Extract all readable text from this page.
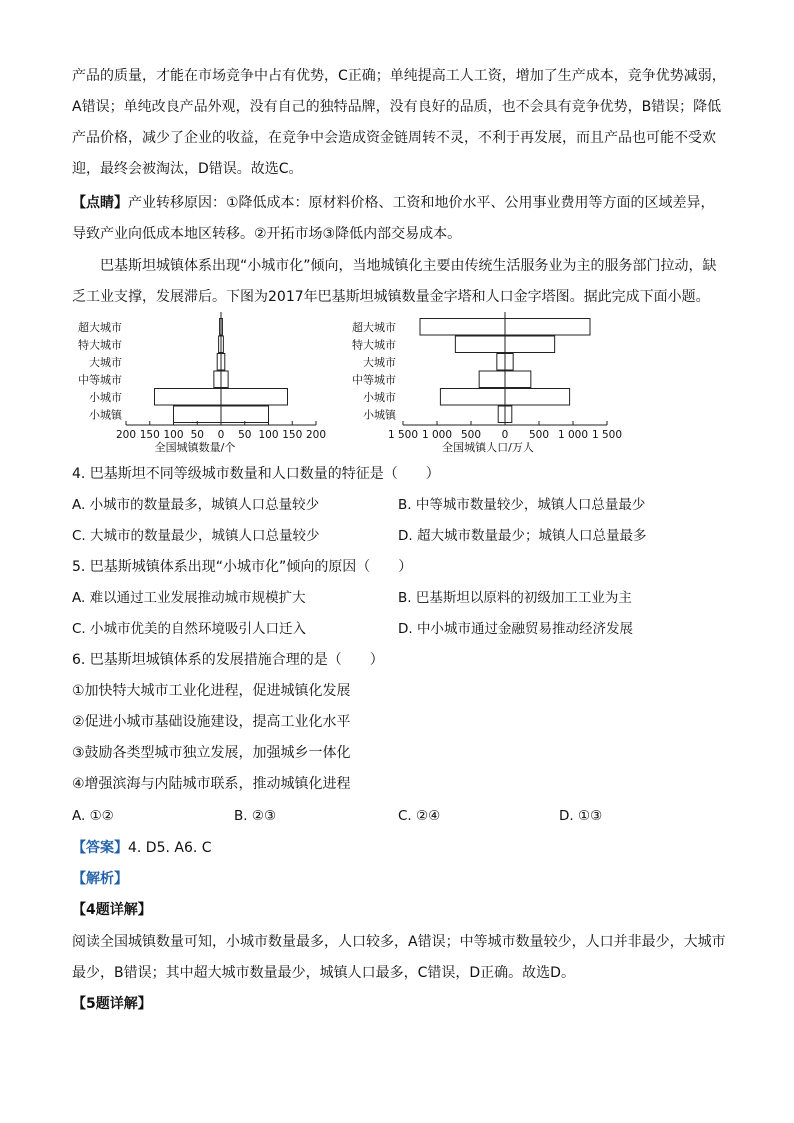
产品的质量，才能在市场竞争中占有优势，C正确；单纯提高工人工资，增加了生产成本，竞争优势减弱，
A错误；单纯改良产品外观，没有自己的独特品牌，没有良好的品质，也不会具有竞争优势，B错误；降低
产品价格，减少了企业的收益，在竞争中会造成资金链周转不灵，不利于再发展，而且产品也可能不受欢
迎，最终会被淘汰，D错误。故选C。
【点睛】产业转移原因：①降低成本：原材料价格、工资和地价水平、公用事业费用等方面的区域差异，
导致产业向低成本地区转移。②开拓市场③降低内部交易成本。
巴基斯坦城镇体系出现“小城市化”倾向，当地城镇化主要由传统生活服务业为主的服务部门拉动，缺
乏工业支撑，发展滞后。下图为2017年巴基斯坦城镇数量金字塔和人口金字塔图。据此完成下面小题。
超大城市
特大城市
大城市
中等城市
小城市
小城镇
200 150 100 50 0 50 100 150 200
全国城镇数量/个
超大城市
特大城市
大城市
中等城市
小城市
小城镇
1 500 1 000 500 0 500 1 000 1 500
全国城镇人口/万人
4. 巴基斯坦不同等级城市数量和人口数量的特征是（　　）
A. 小城市的数量最多，城镇人口总量较少	B. 中等城市数量较少，城镇人口总量最少
C. 大城市的数量最少，城镇人口总量较少	D. 超大城市数量最少；城镇人口总量最多
5. 巴基斯城镇体系出现“小城市化”倾向的原因（　　）
A. 难以通过工业发展推动城市规模扩大	B. 巴基斯坦以原料的初级加工工业为主
C. 小城市优美的自然环境吸引人口迁入	D. 中小城市通过金融贸易推动经济发展
6. 巴基斯坦城镇体系的发展措施合理的是（　　）
①加快特大城市工业化进程，促进城镇化发展
②促进小城市基础设施建设，提高工业化水平
③鼓励各类型城市独立发展，加强城乡一体化
④增强滨海与内陆城市联系，推动城镇化进程
A. ①②	B. ②③	C. ②④	D. ①③
【答案】4. D5. A6. C
【解析】
【4题详解】
阅读全国城镇数量可知，小城市数量最多，人口较多，A错误；中等城市数量较少，人口并非最少，大城市
最少，B错误；其中超大城市数量最少，城镇人口最多，C错误，D正确。故选D。
【5题详解】
